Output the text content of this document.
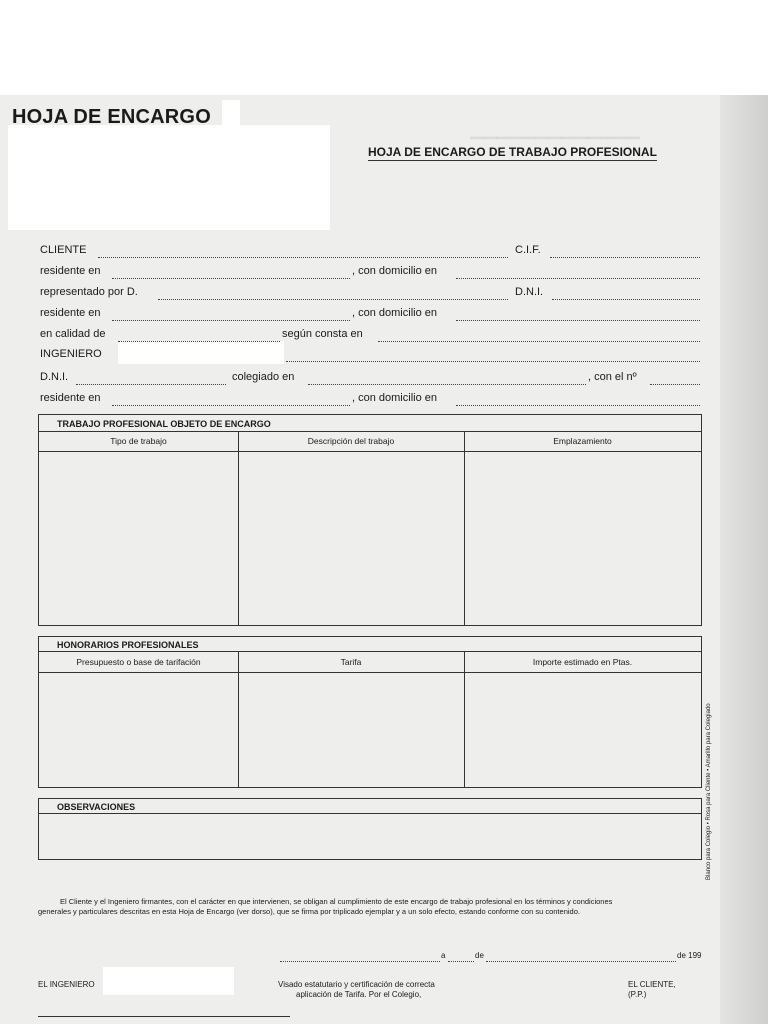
HOJA DE ENCARGO
HOJA DE ENCARGO DE TRABAJO PROFESIONAL
CLIENTE	C.I.F.
residente en	, con domicilio en
representado por D.	D.N.I.
residente en	, con domicilio en
en calidad de	según consta en
INGENIERO
D.N.I.	colegiado en	, con el nº
residente en	, con domicilio en
TRABAJO PROFESIONAL OBJETO DE ENCARGO
Tipo de trabajo	Descripción del trabajo	Emplazamiento
HONORARIOS PROFESIONALES
Presupuesto o base de tarifación	Tarifa	Importe estimado en Ptas.
OBSERVACIONES	Blanco para Colegio • Rosa para Cliente • Amarillo para Colegiado
El Cliente y el Ingeniero firmantes, con el carácter en que intervienen, se obligan al cumplimiento de este encargo de trabajo profesional en los términos y condiciones
generales y particulares descritas en esta Hoja de Encargo (ver dorso), que se firma por triplicado ejemplar y a un solo efecto, estando conforme con su contenido.
a	de	de 199
EL INGENIERO	Visado estatutario y certificación de correcta
aplicación de Tarifa. Por el Colegio,
EL CLIENTE,
(P.P.)
